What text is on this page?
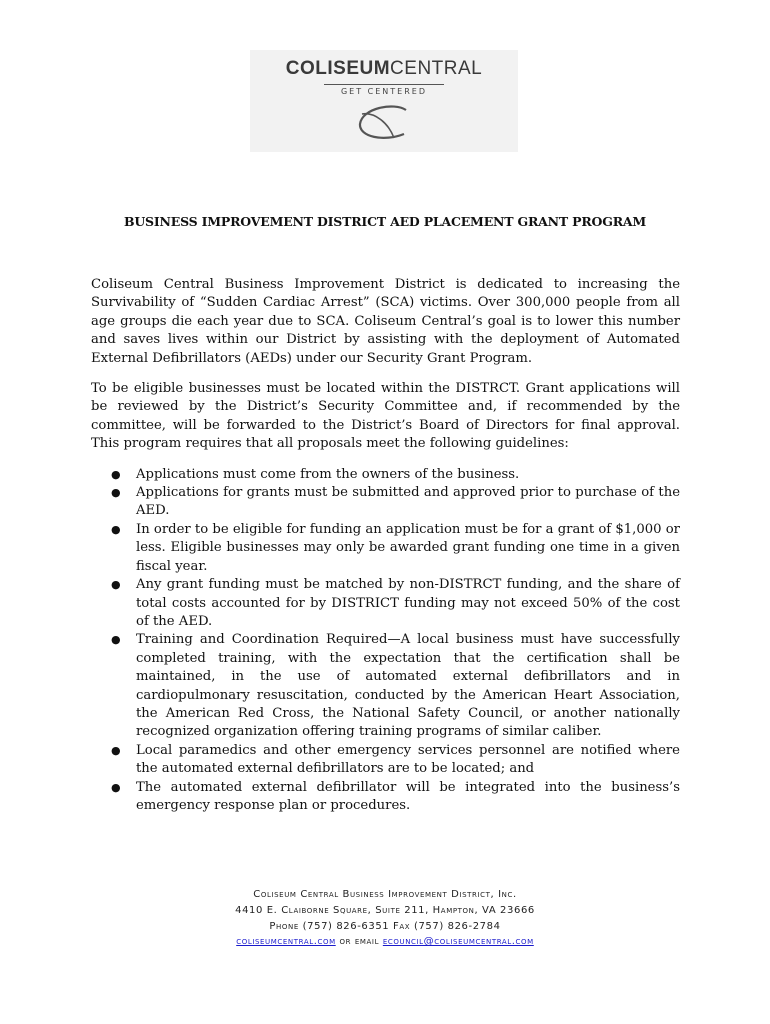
COLISEUMCENTRAL
GET CENTERED
BUSINESS IMPROVEMENT DISTRICT AED PLACEMENT GRANT PROGRAM

Coliseum Central Business Improvement District is dedicated to increasing the Survivability of “Sudden Cardiac Arrest” (SCA) victims. Over 300,000 people from all age groups die each year due to SCA. Coliseum Central’s goal is to lower this number and saves lives within our District by assisting with the deployment of Automated External Defibrillators (AEDs) under our Security Grant Program.

To be eligible businesses must be located within the DISTRCT. Grant applications will be reviewed by the District’s Security Committee and, if recommended by the committee, will be forwarded to the District’s Board of Directors for final approval. This program requires that all proposals meet the following guidelines:

● Applications must come from the owners of the business.
● Applications for grants must be submitted and approved prior to purchase of the AED.
● In order to be eligible for funding an application must be for a grant of $1,000 or less. Eligible businesses may only be awarded grant funding one time in a given fiscal year.
● Any grant funding must be matched by non-DISTRCT funding, and the share of total costs accounted for by DISTRICT funding may not exceed 50% of the cost of the AED.
● Training and Coordination Required—A local business must have successfully completed training, with the expectation that the certification shall be maintained, in the use of automated external defibrillators and in cardiopulmonary resuscitation, conducted by the American Heart Association, the American Red Cross, the National Safety Council, or another nationally recognized organization offering training programs of similar caliber.
● Local paramedics and other emergency services personnel are notified where the automated external defibrillators are to be located; and
● The automated external defibrillator will be integrated into the business’s emergency response plan or procedures.
Coliseum Central Business Improvement District, Inc.
4410 E. Claiborne Square, Suite 211, Hampton, VA 23666
Phone (757) 826-6351 Fax (757) 826-2784
coliseumcentral.com or email ecouncil@coliseumcentral.com
